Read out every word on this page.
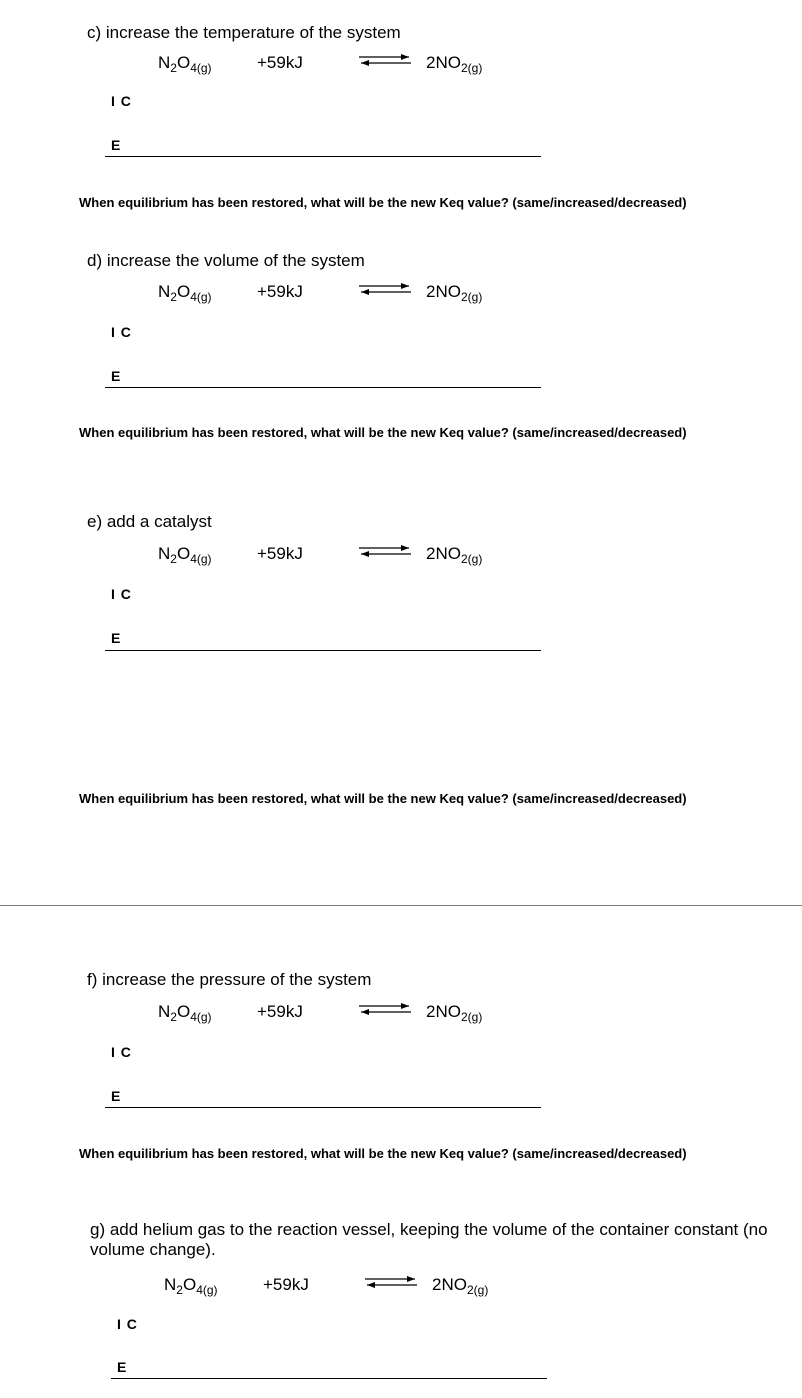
c) increase the temperature of the system
$N_2O_{4(g)}$	+59kJ	⇌ $2NO_{2(g)}$
I C
E
When equilibrium has been restored, what will be the new Keq value? (same/increased/decreased)
d) increase the volume of the system
$N_2O_{4(g)}$	+59kJ	⇌ $2NO_{2(g)}$
I C
E
When equilibrium has been restored, what will be the new Keq value? (same/increased/decreased)
e) add a catalyst
$N_2O_{4(g)}$	+59kJ	⇌ $2NO_{2(g)}$
I C
E
When equilibrium has been restored, what will be the new Keq value? (same/increased/decreased)
f) increase the pressure of the system
$N_2O_{4(g)}$	+59kJ	⇌ $2NO_{2(g)}$
I C
E
When equilibrium has been restored, what will be the new Keq value? (same/increased/decreased)
g) add helium gas to the reaction vessel, keeping the volume of the container constant (no volume change).
$N_2O_{4(g)}$	+59kJ	⇌ $2NO_{2(g)}$
I C
E
